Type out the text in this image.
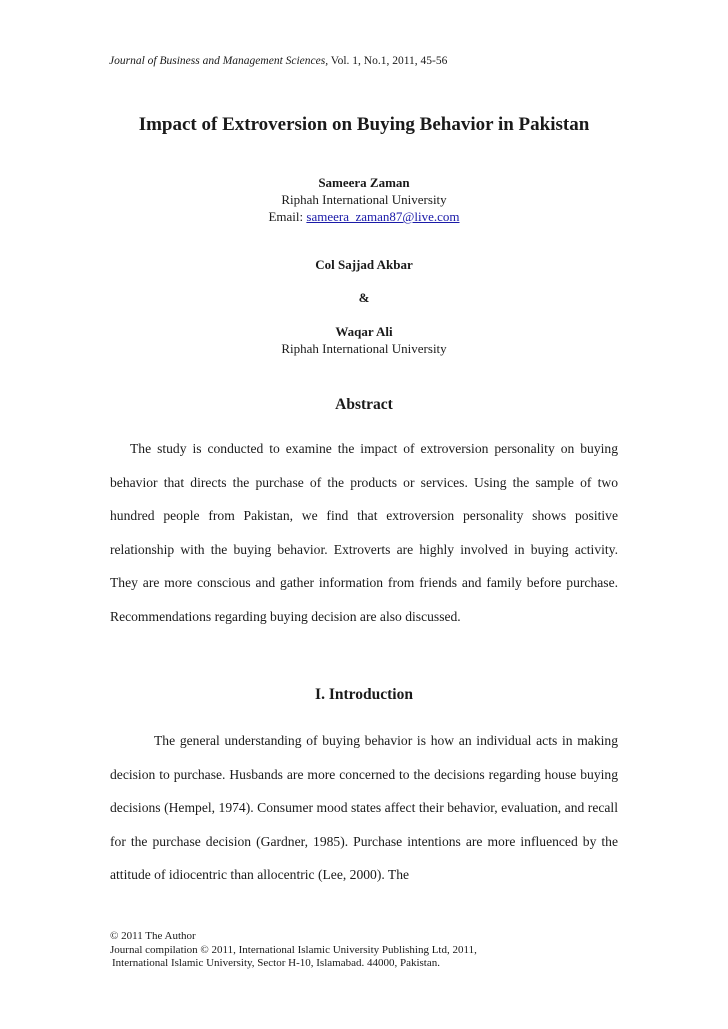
Journal of Business and Management Sciences, Vol. 1, No.1, 2011, 45-56
Impact of Extroversion on Buying Behavior in Pakistan
Sameera Zaman
Riphah International University
Email: sameera_zaman87@live.com
Col Sajjad Akbar
&
Waqar Ali
Riphah International University
Abstract

The study is conducted to examine the impact of extroversion personality on buying behavior that directs the purchase of the products or services. Using the sample of two hundred people from Pakistan, we find that extroversion personality shows positive relationship with the buying behavior. Extroverts are highly involved in buying activity. They are more conscious and gather information from friends and family before purchase. Recommendations regarding buying decision are also discussed.

I. Introduction

The general understanding of buying behavior is how an individual acts in making decision to purchase. Husbands are more concerned to the decisions regarding house buying decisions (Hempel, 1974). Consumer mood states affect their behavior, evaluation, and recall for the purchase decision (Gardner, 1985). Purchase intentions are more influenced by the attitude of idiocentric than allocentric (Lee, 2000). The

© 2011 The Author
Journal compilation © 2011, International Islamic University Publishing Ltd, 2011,
International Islamic University, Sector H-10, Islamabad. 44000, Pakistan.
